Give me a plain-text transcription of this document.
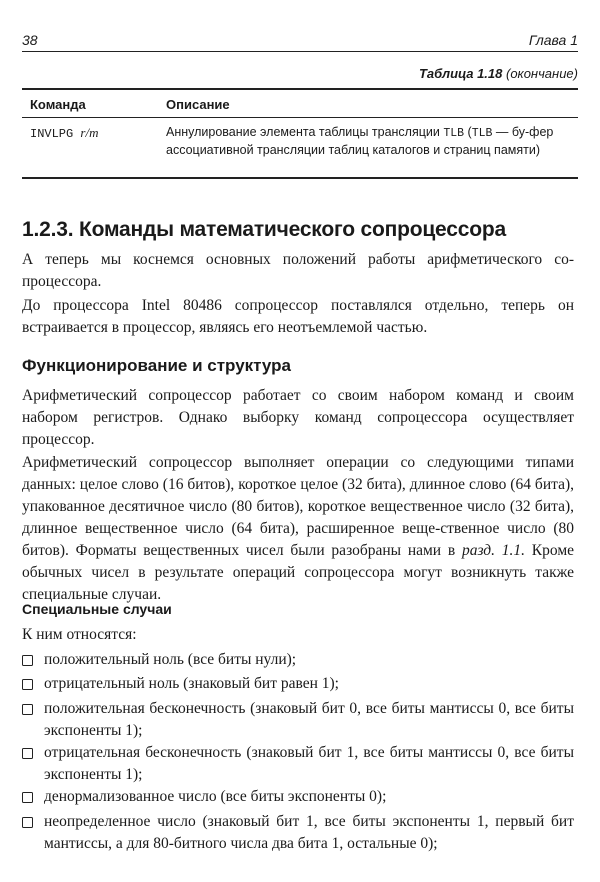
38	Глава 1
Таблица 1.18 (окончание)
Команда	Описание
INVLPG r/m	Аннулирование элемента таблицы трансляции TLB (TLB — бу-фер ассоциативной трансляции таблиц каталогов и страниц памяти)
1.2.3. Команды математического сопроцессора
А теперь мы коснемся основных положений работы арифметического со-процессора.
До процессора Intel 80486 сопроцессор поставлялся отдельно, теперь он встраивается в процессор, являясь его неотъемлемой частью.
Функционирование и структура
Арифметический сопроцессор работает со своим набором команд и своим набором регистров. Однако выборку команд сопроцессора осуществляет процессор.
Арифметический сопроцессор выполняет операции со следующими типами данных: целое слово (16 битов), короткое целое (32 бита), длинное слово (64 бита), упакованное десятичное число (80 битов), короткое вещественное число (32 бита), длинное вещественное число (64 бита), расширенное веще-ственное число (80 битов). Форматы вещественных чисел были разобраны нами в разд. 1.1. Кроме обычных чисел в результате операций сопроцессора могут возникнуть также специальные случаи.
Специальные случаи
К ним относятся:
положительный ноль (все биты нули);
отрицательный ноль (знаковый бит равен 1);
положительная бесконечность (знаковый бит 0, все биты мантиссы 0, все биты экспоненты 1);
отрицательная бесконечность (знаковый бит 1, все биты мантиссы 0, все биты экспоненты 1);
денормализованное число (все биты экспоненты 0);
неопределенное число (знаковый бит 1, все биты экспоненты 1, первый бит мантиссы, а для 80-битного числа два бита 1, остальные 0);
